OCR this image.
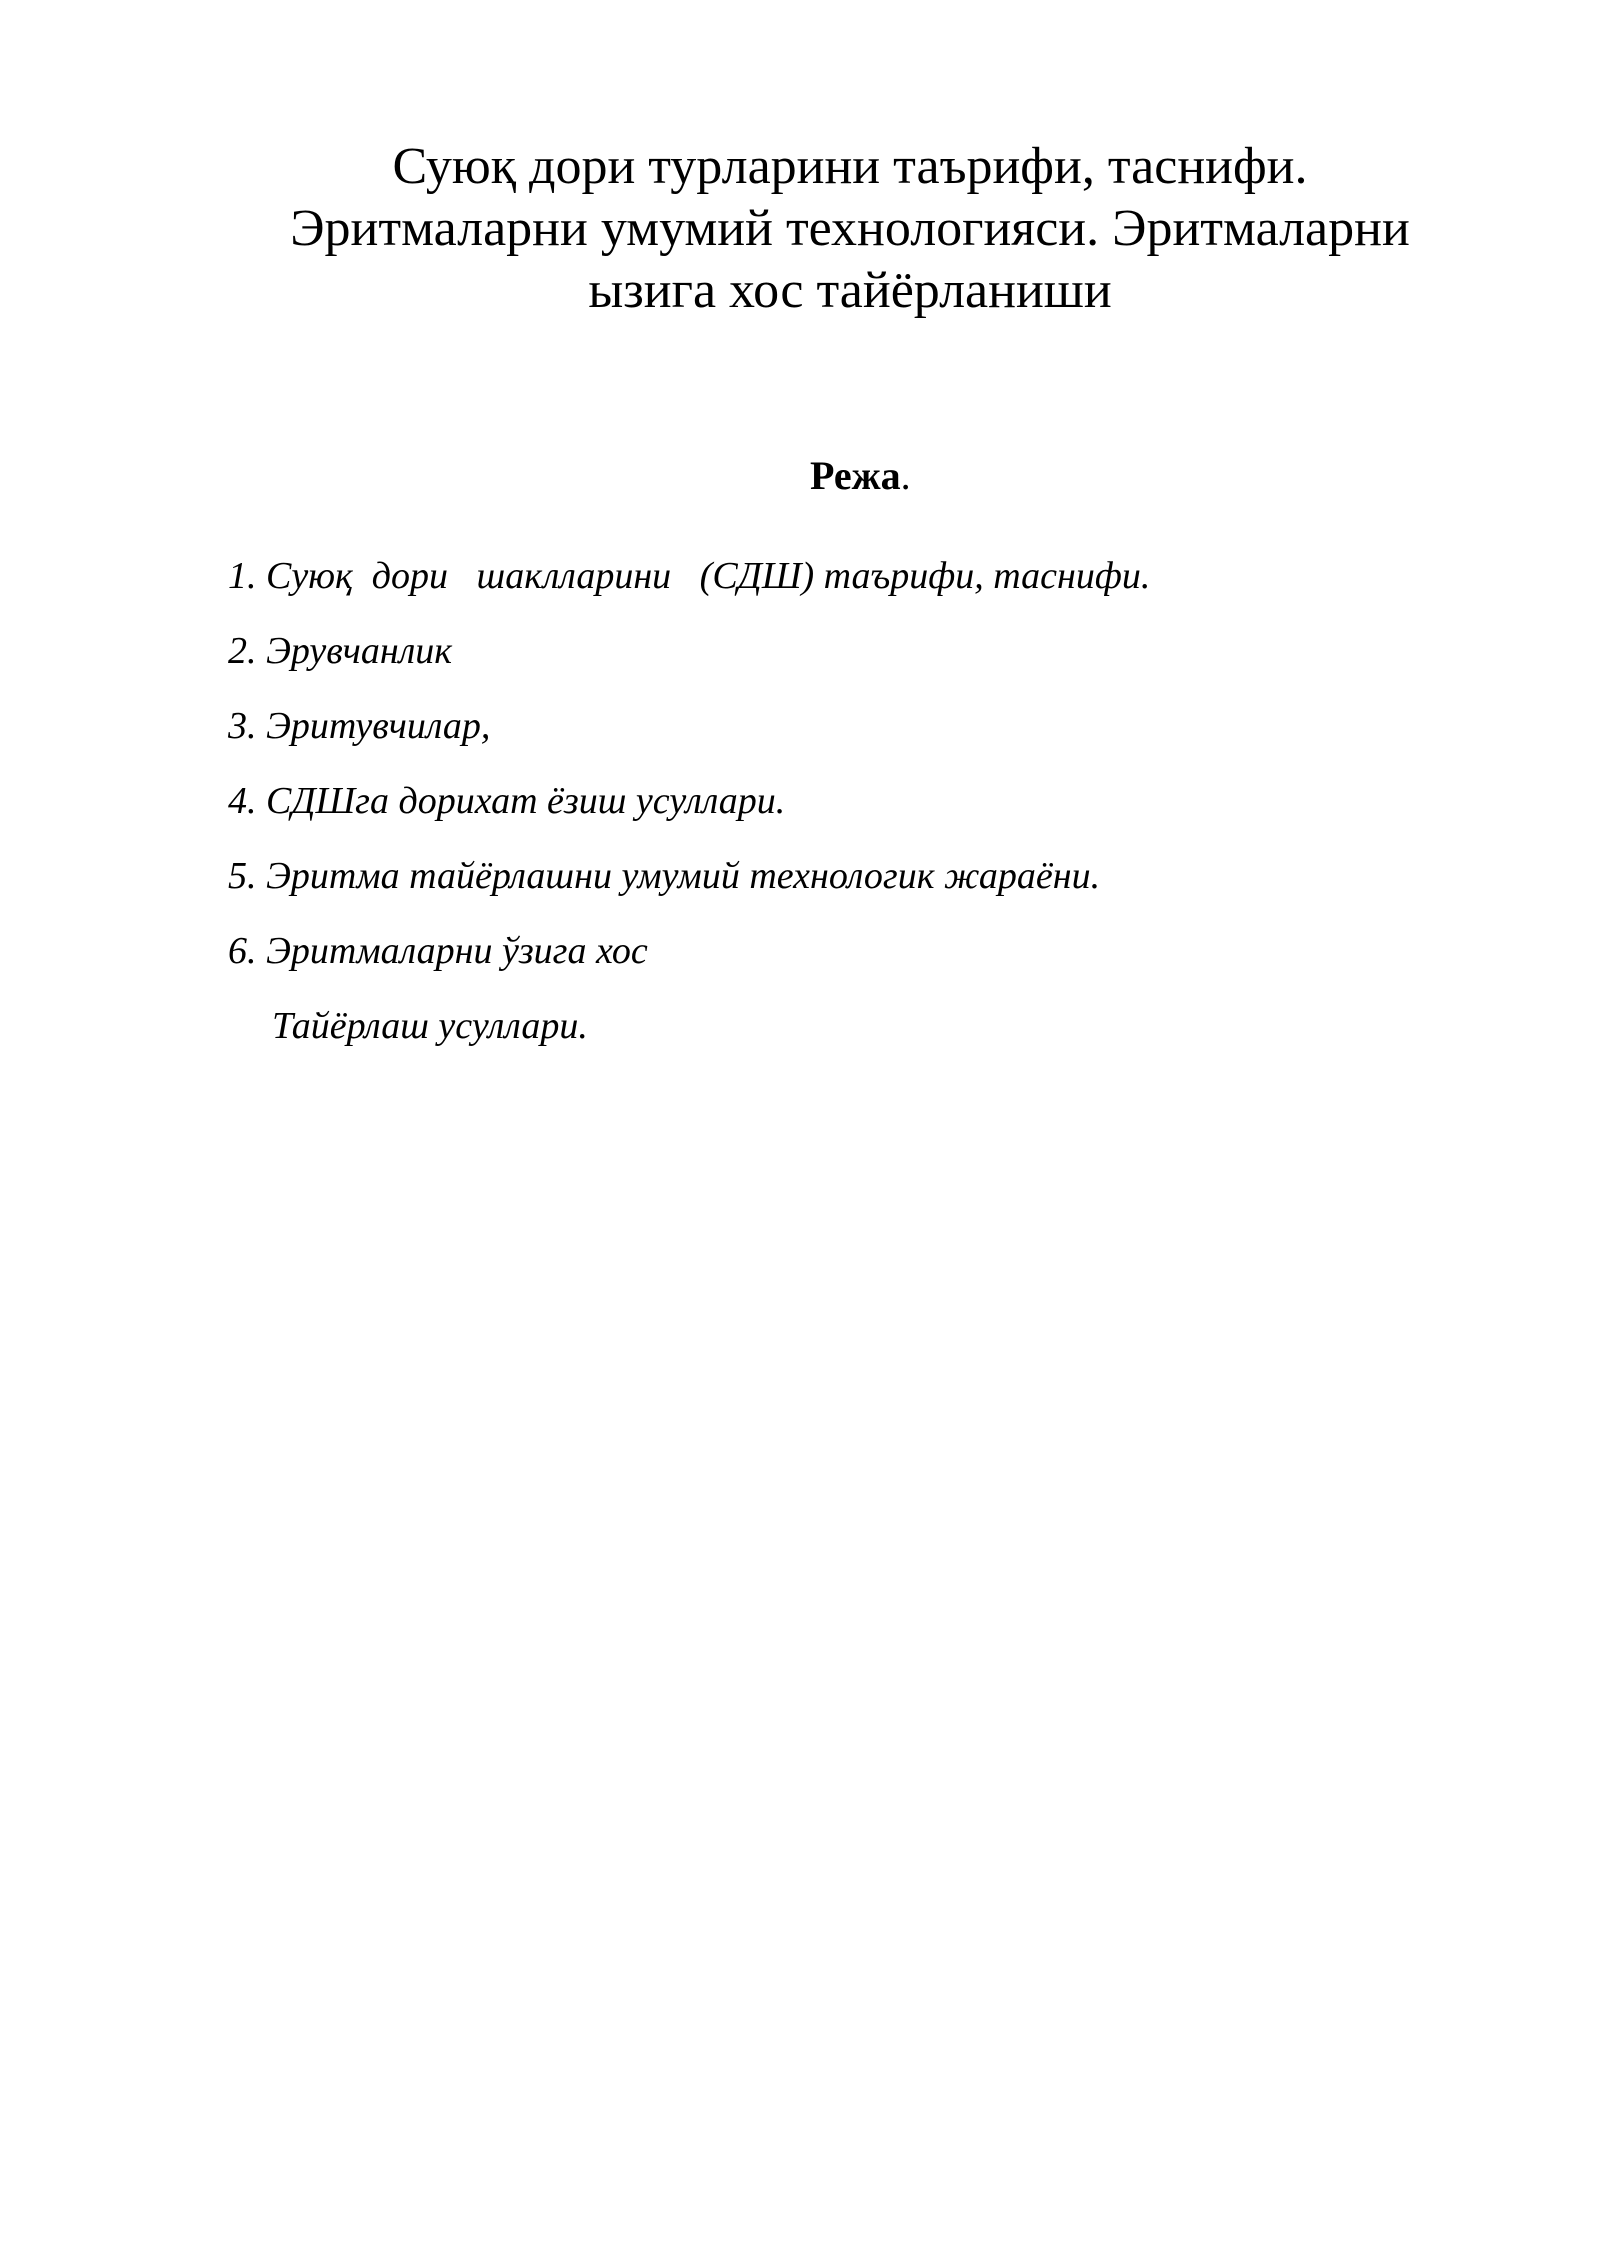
Суюқ дори турларини таърифи, таснифи.
Эритмаларни умумий технологияси. Эритмаларни
ызига хос тайёрланиши

Режа.

1. Суюқ  дори   шаклларини   (СДШ) таърифи, таснифи.
2. Эрувчанлик
3. Эритувчилар,
4. СДШга дорихат ёзиш усуллари.
5. Эритма тайёрлашни умумий технологик жараёни.
6. Эритмаларни ўзига хос
Тайёрлаш усуллари.
